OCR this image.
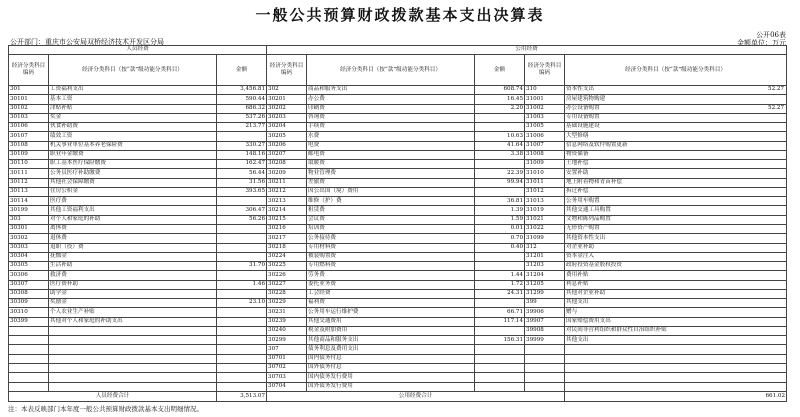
一般公共预算财政拨款基本支出决算表
公开06表
公开部门：重庆市公安局双桥经济技术开发区分局	金额单位：万元
人员经费			公用经费				
经济分类科目编码	经济分类科目（按“款”级功能分类科目）	金额	经济分类科目编码	经济分类科目（按“款”级功能分类科目）	金额	经济分类科目编码	经济分类科目（按“款”级功能分类科目）
301	工资福利支出	3,456.81	302	商品和服务支出	608.74	310	资本性支出 52.27

30101	基本工资	590.44	30201	办公费	16.45	31001	房屋建筑物购建

30102	津贴补贴	686.32	30202	印刷费	2.20	31002	办公设备购置 52.27

30103	奖金	537.26	30203	咨询费		31003	专用设备购置

30106	伙食补助费	213.77	30204	手续费		31005	基础设施建设

30107	绩效工资		30205	水费	10.63	31006	大型修缮

30108	机关事业单位基本养老保险费	330.27	30206	电费	41.64	31007	信息网络及软件购置更新

30109	职业年金缴费	148.16	30207	邮电费	3.38	31008	物资储备

30110	职工基本医疗保险缴费	162.47	30208	取暖费		31009	土地补偿

30111	公务员医疗补助缴费	56.44	30209	物业管理费	22.39	31010	安置补助

30112	其他社会保障缴费	31.56	30211	差旅费	99.94	31011	地上附着物和青苗补偿

30113	住房公积金	393.65	30212	因公出国（境）费用		31012	拆迁补偿

30114	医疗费		30213	维修（护）费	36.81	31013	公务用车购置

30199	其他工资福利支出	306.47	30214	租赁费	1.39	31019	其他交通工具购置

303	对个人和家庭的补助	56.26	30215	会议费	1.59	31021	文物和陈列品购置

30301	离休费		30216	培训费	0.01	31022	无形资产购置

30302	退休费		30217	公务接待费	0.70	31099	其他资本性支出

30303	退职（役）费		30218	专用材料费	0.40	312	对企业补助

30304	抚恤金		30224	被装购置费		31201	资本金注入

30305	生活补助	31.70	30225	专用燃料费		31203	政府投资基金股权投资

30306	救济费		30226	劳务费	1.44	31204	费用补贴

30307	医疗费补助	1.46	30227	委托业务费	1.72	31205	利息补贴

30308	助学金		30228	工会经费	24.31	31299	其他对企业补助

30309	奖励金	23.10	30229	福利费		399	其他支出

30310	个人农业生产补贴		30231	公务用车运行维护费	66.71	39906	赠与

30399	其他对个人和家庭的补助支出		30239	其他交通费用	117.14	39907	国家赔偿费用支出

			30240	税金及附加费用		39908	对民间非营利组织和群众性自治组织补贴

			30299	其他商品和服务支出	156.31	39999	其他支出

			307	债务利息及费用支出			

			30701	国内债务付息			

			30702	国外债务付息			

			30703	国内债务发行费用			

			30704	国外债务发行费用			

人员经费合计		3,513.07	公用经费合计				661.02
注：本表反映部门本年度一般公共预算财政拨款基本支出明细情况。
